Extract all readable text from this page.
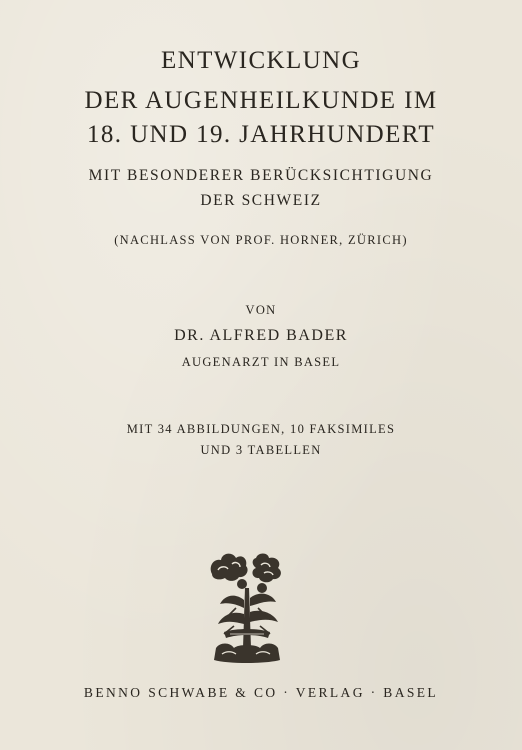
ENTWICKLUNG
DER AUGENHEILKUNDE IM
18. UND 19. JAHRHUNDERT
MIT BESONDERER BERÜCKSICHTIGUNG
DER SCHWEIZ
(NACHLASS VON PROF. HORNER, ZÜRICH)
VON
DR. ALFRED BADER
AUGENARZT IN BASEL
MIT 34 ABBILDUNGEN, 10 FAKSIMILES
UND 3 TABELLEN
BENNO SCHWABE & CO · VERLAG · BASEL
